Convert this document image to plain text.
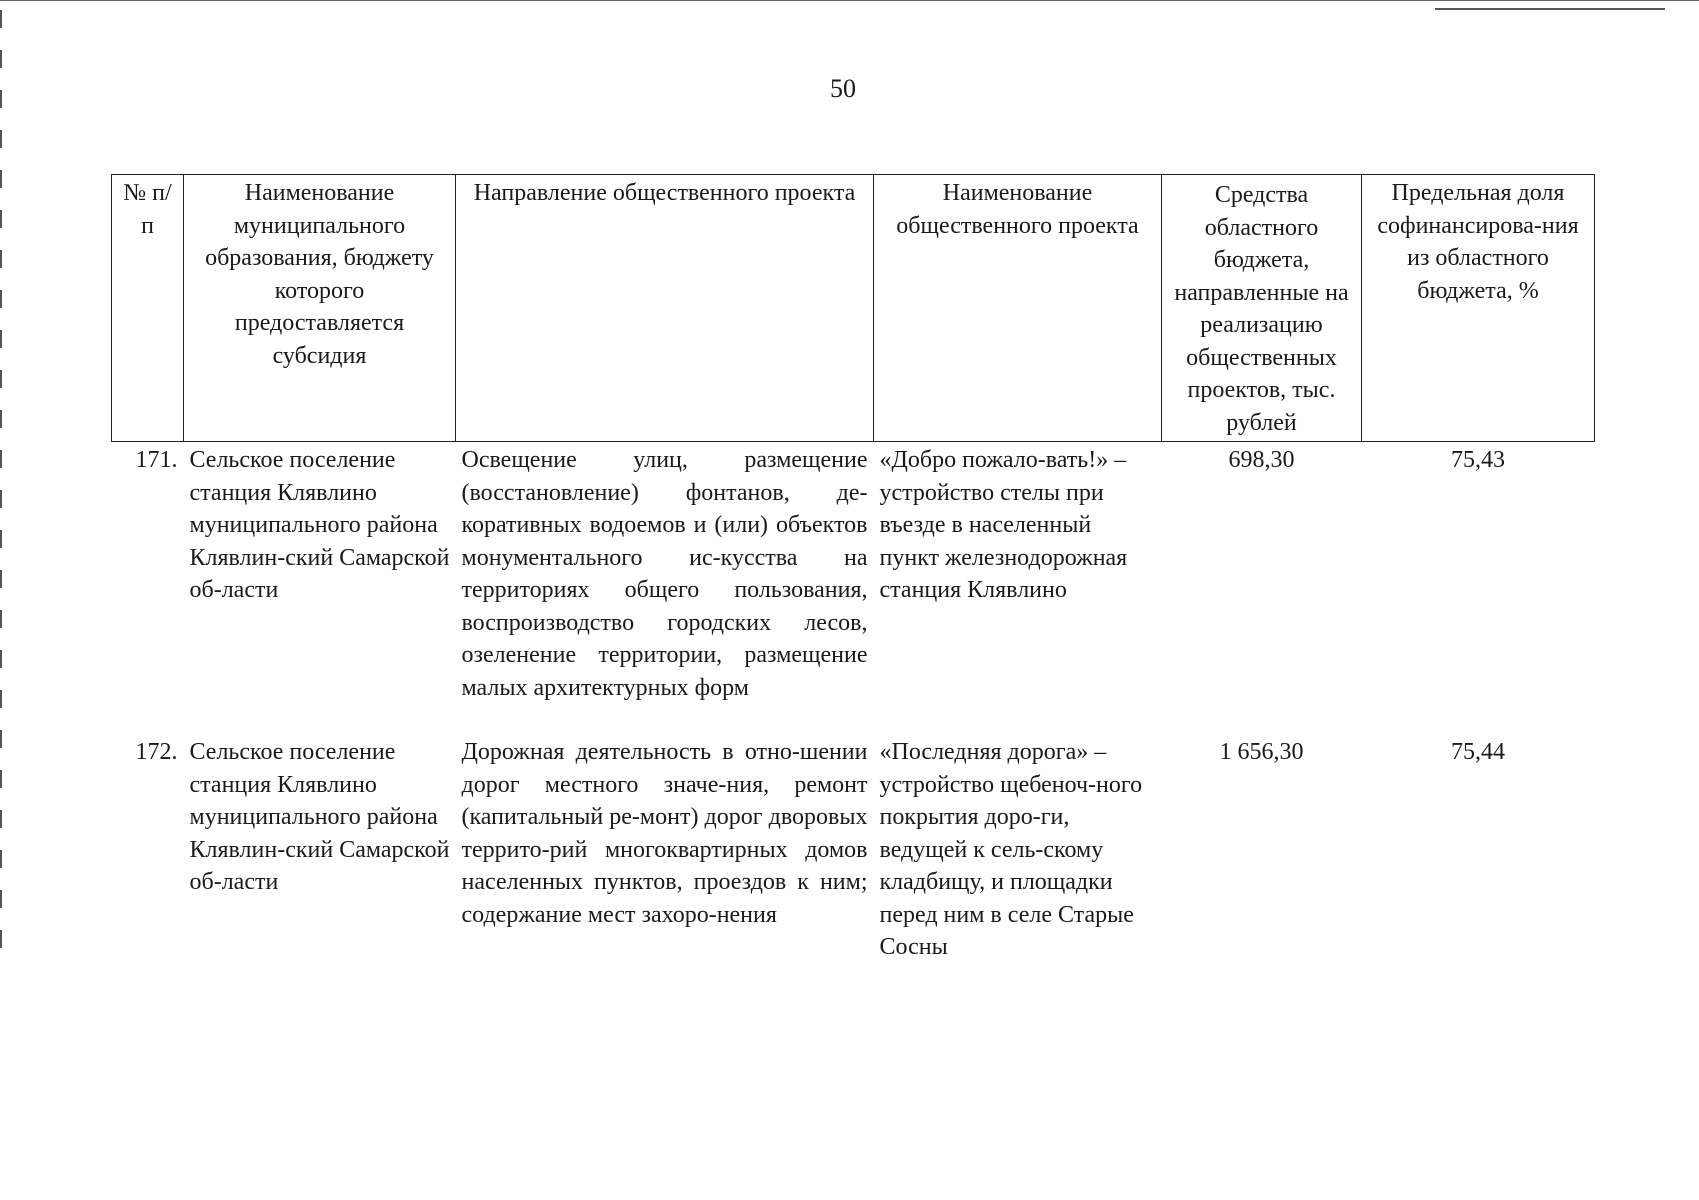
50
№ п/п	Наименование муниципального образования, бюджету которого предоставляется субсидия	Направление общественного проекта	Наименование общественного проекта	Средства областного бюджета, направленные на реализацию общественных проектов, тыс. рублей	Предельная доля софинансирова-ния из областного бюджета, %
171.	Сельское поселение станция Клявлино муниципального района Клявлин-ский Самарской об-ласти	Освещение улиц, размещение (восстановление) фонтанов, де-коративных водоемов и (или) объектов монументального ис-кусства на территориях общего пользования, воспроизводство городских лесов, озеленение территории, размещение малых архитектурных форм	«Добро пожало-вать!» – устройство стелы при въезде в населенный пункт железнодорожная станция Клявлино	698,30	75,43
172.	Сельское поселение станция Клявлино муниципального района Клявлин-ский Самарской об-ласти	Дорожная деятельность в отно-шении дорог местного значе-ния, ремонт (капитальный ре-монт) дорог дворовых террито-рий многоквартирных домов населенных пунктов, проездов к ним; содержание мест захоро-нения	«Последняя дорога» – устройство щебеноч-ного покрытия доро-ги, ведущей к сель-скому кладбищу, и площадки перед ним в селе Старые Сосны	1 656,30	75,44
